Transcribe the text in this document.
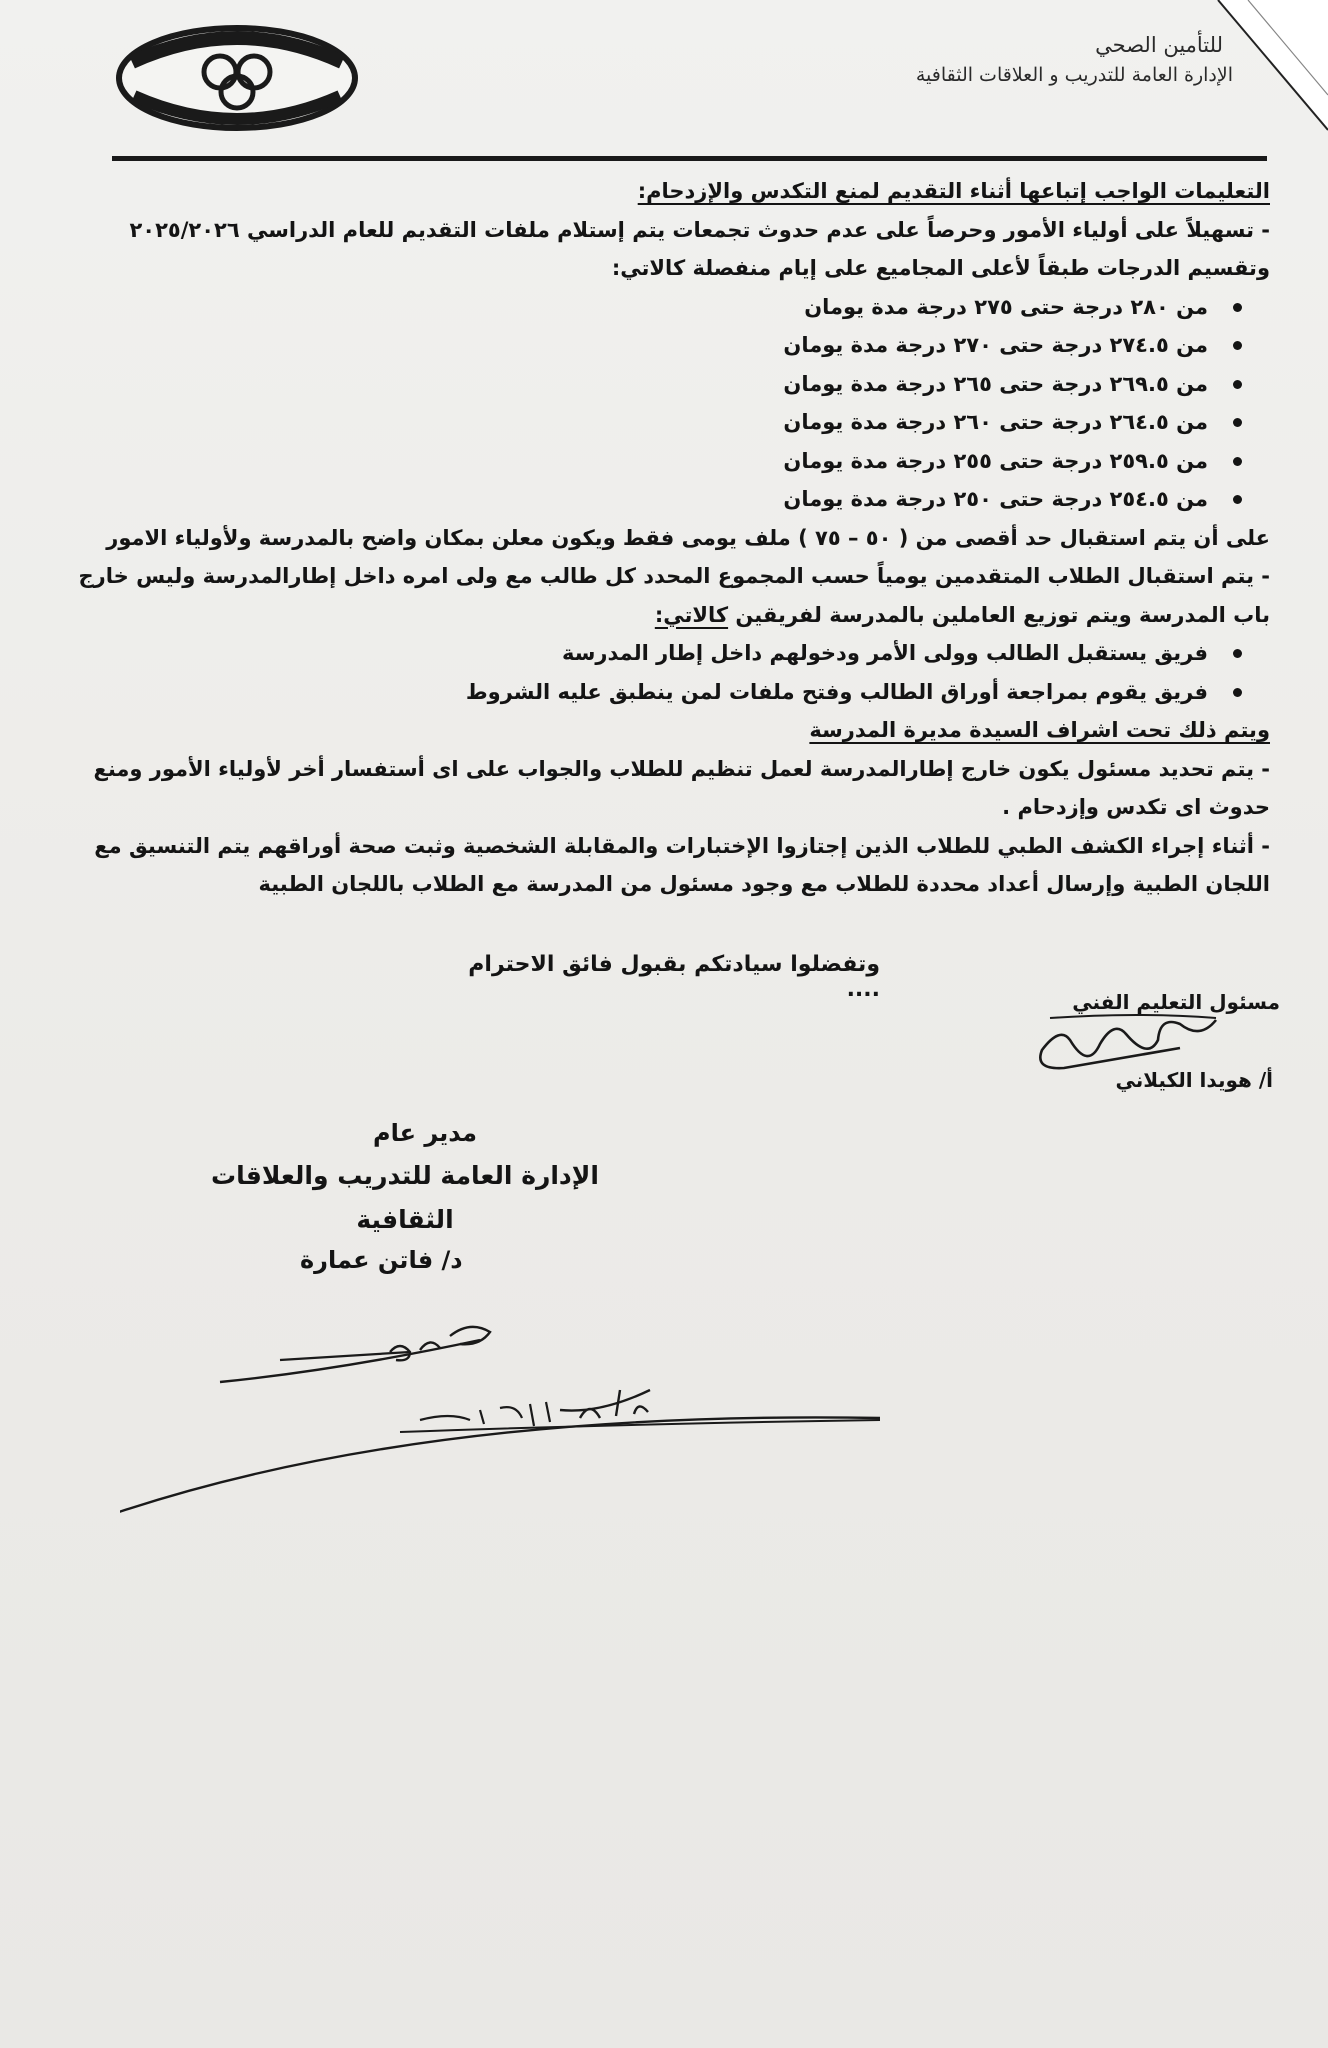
للتأمين الصحي
الإدارة العامة للتدريب و العلاقات الثقافية

التعليمات الواجب إتباعها أثناء التقديم لمنع التكدس والإزدحام:

- تسهيلاً على أولياء الأمور وحرصاً على عدم حدوث تجمعات يتم إستلام ملفات التقديم للعام الدراسي ٢٠٢٥/٢٠٢٦ وتقسيم الدرجات طبقاً لأعلى المجاميع على إيام منفصلة كالاتي:

من ٢٨٠ درجة حتى ٢٧٥ درجة مدة يومان
من ٢٧٤.٥ درجة حتى ٢٧٠ درجة مدة يومان
من ٢٦٩.٥ درجة حتى ٢٦٥ درجة مدة يومان
من ٢٦٤.٥ درجة حتى ٢٦٠ درجة مدة يومان
من ٢٥٩.٥ درجة حتى ٢٥٥ درجة مدة يومان
من ٢٥٤.٥ درجة حتى ٢٥٠ درجة مدة يومان

على أن يتم استقبال حد أقصى من ( ٥٠ – ٧٥ ) ملف يومى فقط ويكون معلن بمكان واضح بالمدرسة ولأولياء الامور

- يتم استقبال الطلاب المتقدمين يومياً حسب المجموع المحدد كل طالب مع ولى امره داخل إطارالمدرسة وليس خارج باب المدرسة ويتم توزيع العاملين بالمدرسة لفريقين كالاتي:

فريق يستقبل الطالب وولى الأمر ودخولهم داخل إطار المدرسة
فريق يقوم بمراجعة أوراق الطالب وفتح ملفات لمن ينطبق عليه الشروط

ويتم ذلك تحت اشراف السيدة مديرة المدرسة

- يتم تحديد مسئول يكون خارج إطارالمدرسة لعمل تنظيم للطلاب والجواب على اى أستفسار أخر لأولياء الأمور ومنع حدوث اى تكدس وإزدحام .

- أثناء إجراء الكشف الطبي للطلاب الذين إجتازوا الإختبارات والمقابلة الشخصية وثبت صحة أوراقهم يتم التنسيق مع اللجان الطبية وإرسال أعداد محددة للطلاب مع وجود مسئول من المدرسة مع الطلاب باللجان الطبية

وتفضلوا سيادتكم بقبول فائق الاحترام ....	مسئول التعليم الفني
أ/ هويدا الكيلاني
مدير عام
الإدارة العامة للتدريب والعلاقات الثقافية
د/ فاتن عمارة
